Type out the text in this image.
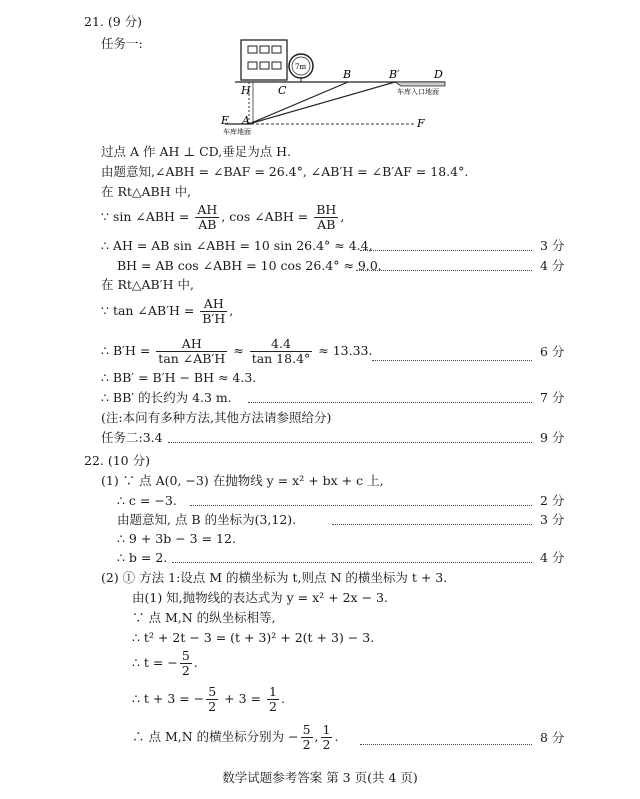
21. (9 分)
任务一:
7m
H C
B	B′	D
E A	F
车库入口地面
车库地面
过点 A 作 AH ⊥ CD,垂足为点 H.
由题意知,∠ABH = ∠BAF = 26.4°, ∠AB′H = ∠B′AF = 18.4°.
在 Rt△ABH 中,
∵ sin ∠ABH = $\frac{AH}{AB}$ , cos ∠ABH = $\frac{BH}{AB}$ ,
∴ AH = AB sin ∠ABH = 10 sin 26.4° ≈ 4.4,	3 分
BH = AB cos ∠ABH = 10 cos 26.4° ≈ 9.0.	4 分
在 Rt△AB′H 中,
∵ tan ∠AB′H = $\frac{AH}{B'H}$ ,
∴ $B'H = \frac{AH}{\tan \angle AB'H} \approx \frac{4.4}{\tan 18.4^\circ} \approx 13.33$.	6 分
∴ BB′ = B′H − BH ≈ 4.3.
∴ BB′ 的长约为 4.3 m.	7 分
(注:本问有多种方法,其他方法请参照给分)
任务二:3.4	9 分
22. (10 分)
(1) ∵ 点 A(0, −3) 在抛物线 y = x² + bx + c 上,
∴ c = −3.	2 分
由题意知, 点 B 的坐标为(3,12).	3 分
∴ 9 + 3b − 3 = 12.
∴ b = 2.	4 分
(2) ① 方法 1:设点 M 的横坐标为 t,则点 N 的横坐标为 t + 3.
由(1) 知,抛物线的表达式为 y = x² + 2x − 3.
∵ 点 M,N 的纵坐标相等,
∴ t² + 2t − 3 = (t + 3)² + 2(t + 3) − 3.
∴ t = − $\frac{5}{2}$ .
∴ t + 3 = − $\frac{5}{2} + 3 = \frac{1}{2}$ .
∴ 点 M,N 的横坐标分别为 − $\frac{5}{2}$ , $\frac{1}{2}$ .	8 分
数学试题参考答案 第 3 页(共 4 页)
